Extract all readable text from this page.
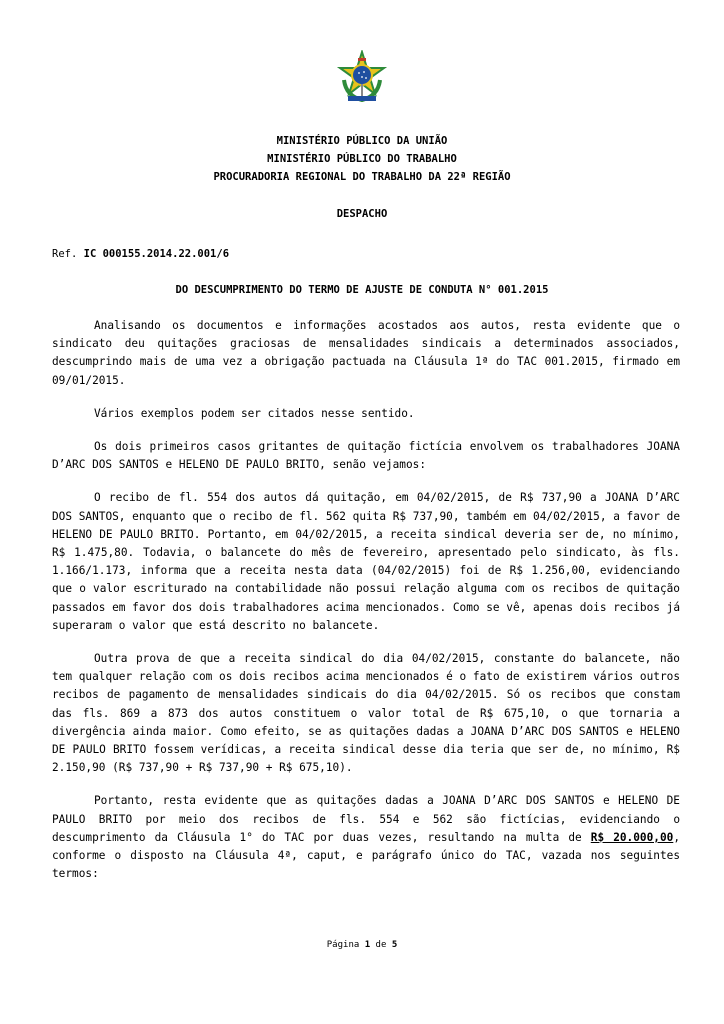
MINISTÉRIO PÚBLICO DA UNIÃO
MINISTÉRIO PÚBLICO DO TRABALHO
PROCURADORIA REGIONAL DO TRABALHO DA 22ª REGIÃO
DESPACHO
Ref. IC 000155.2014.22.001/6
DO DESCUMPRIMENTO DO TERMO DE AJUSTE DE CONDUTA N° 001.2015

Analisando os documentos e informações acostados aos autos, resta evidente que o sindicato deu quitações graciosas de mensalidades sindicais a determinados associados, descumprindo mais de uma vez a obrigação pactuada na Cláusula 1ª do TAC 001.2015, firmado em 09/01/2015.

Vários exemplos podem ser citados nesse sentido.

Os dois primeiros casos gritantes de quitação fictícia envolvem os trabalhadores JOANA D’ARC DOS SANTOS e HELENO DE PAULO BRITO, senão vejamos:

O recibo de fl. 554 dos autos dá quitação, em 04/02/2015, de R$ 737,90 a JOANA D’ARC DOS SANTOS, enquanto que o recibo de fl. 562 quita R$ 737,90, também em 04/02/2015, a favor de HELENO DE PAULO BRITO. Portanto, em 04/02/2015, a receita sindical deveria ser de, no mínimo, R$ 1.475,80. Todavia, o balancete do mês de fevereiro, apresentado pelo sindicato, às fls. 1.166/1.173, informa que a receita nesta data (04/02/2015) foi de R$ 1.256,00, evidenciando que o valor escriturado na contabilidade não possui relação alguma com os recibos de quitação passados em favor dos dois trabalhadores acima mencionados. Como se vê, apenas dois recibos já superaram o valor que está descrito no balancete.

Outra prova de que a receita sindical do dia 04/02/2015, constante do balancete, não tem qualquer relação com os dois recibos acima mencionados é o fato de existirem vários outros recibos de pagamento de mensalidades sindicais do dia 04/02/2015. Só os recibos que constam das fls. 869 a 873 dos autos constituem o valor total de R$ 675,10, o que tornaria a divergência ainda maior. Como efeito, se as quitações dadas a JOANA D’ARC DOS SANTOS e HELENO DE PAULO BRITO fossem verídicas, a receita sindical desse dia teria que ser de, no mínimo, R$ 2.150,90 (R$ 737,90 + R$ 737,90 + R$ 675,10).

Portanto, resta evidente que as quitações dadas a JOANA D’ARC DOS SANTOS e HELENO DE PAULO BRITO por meio dos recibos de fls. 554 e 562 são fictícias, evidenciando o descumprimento da Cláusula 1° do TAC por duas vezes, resultando na multa de R$ 20.000,00, conforme o disposto na Cláusula 4ª, caput, e parágrafo único do TAC, vazada nos seguintes termos:

Página 1 de 5
